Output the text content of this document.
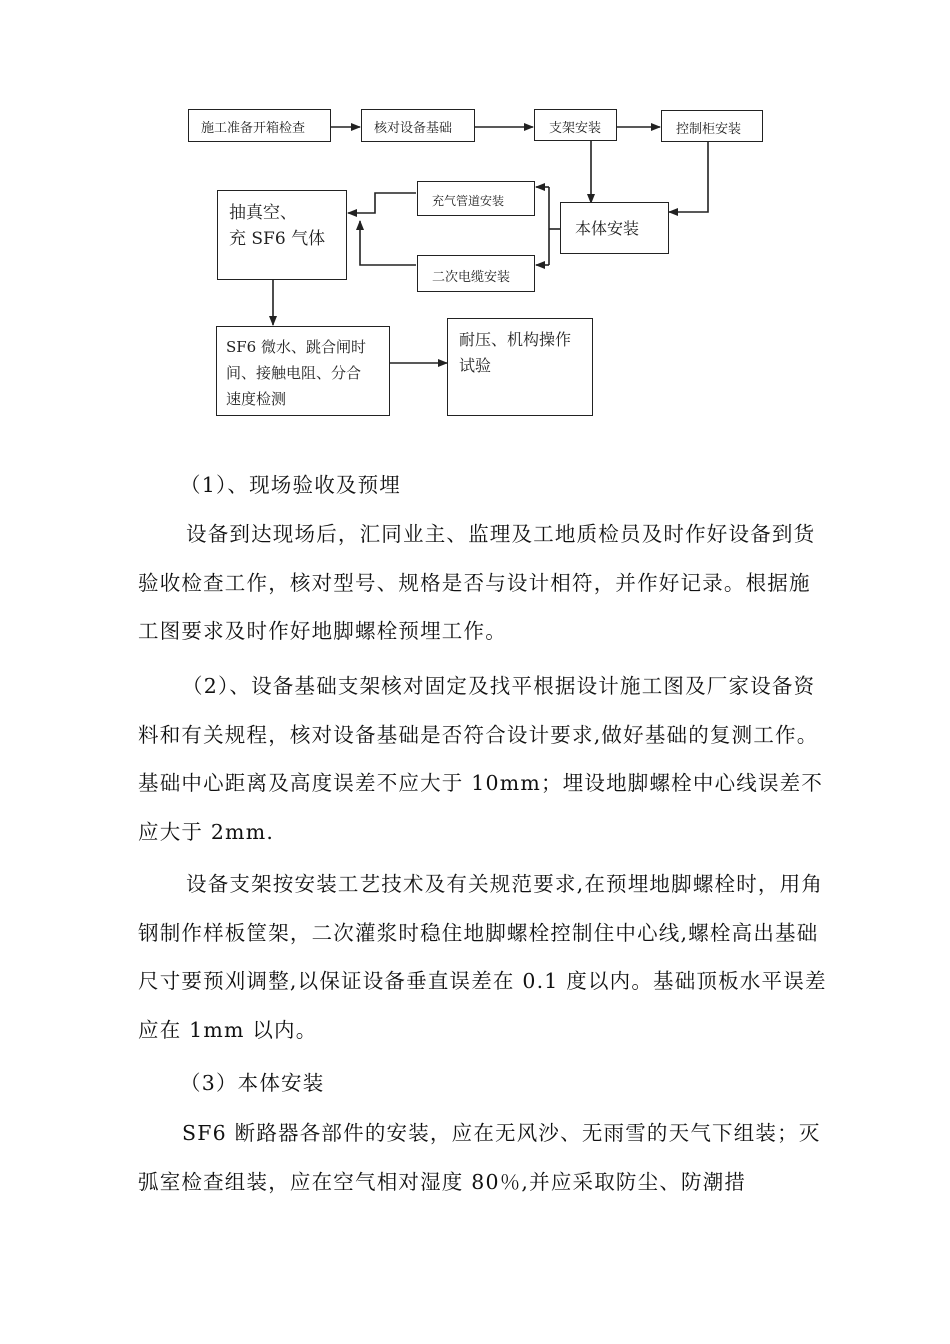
施工准备开箱检查	核对设备基础	支架安装	控制柜安装
充气管道安装
本体安装
二次电缆安装
抽真空、
充 SF6 气体
SF6 微水、跳合闸时
间、接触电阻、分合
速度检测
耐压、机构操作
试验

（1）、现场验收及预埋

设备到达现场后，汇同业主、监理及工地质检员及时作好设备到货验收检查工作，核对型号、规格是否与设计相符，并作好记录。根据施工图要求及时作好地脚螺栓预埋工作。

（2）、设备基础支架核对固定及找平根据设计施工图及厂家设备资料和有关规程，核对设备基础是否符合设计要求,做好基础的复测工作。基础中心距离及高度误差不应大于 10mm；埋设地脚螺栓中心线误差不应大于 2mm.

设备支架按安装工艺技术及有关规范要求,在预埋地脚螺栓时，用角钢制作样板筐架，二次灌浆时稳住地脚螺栓控制住中心线,螺栓高出基础尺寸要预刈调整,以保证设备垂直误差在 0.1 度以内。基础顶板水平误差应在 1mm 以内。

（3）本体安装

SF6 断路器各部件的安装，应在无风沙、无雨雪的天气下组装；灭弧室检查组装，应在空气相对湿度 80％,并应采取防尘、防潮措
